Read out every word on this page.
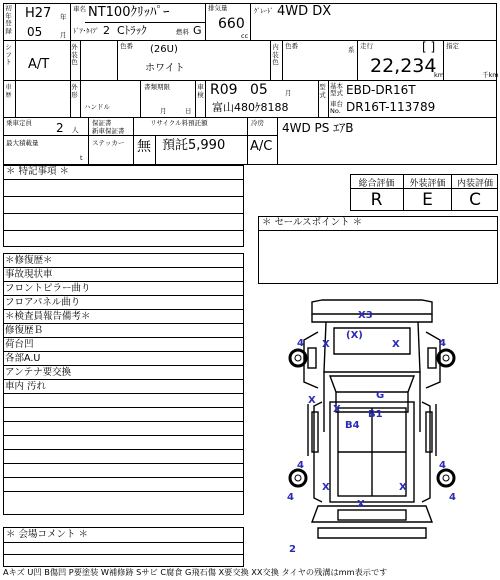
初年登録
H27 年
05	月
車名 NT100ｸﾘｯﾊﾟｰ
ﾄﾞｱ･ﾀｲﾌﾟ 2 Cﾄﾗｯｸ	燃料 G
排気量
660
cc
ｸﾞﾚｰﾄﾞ 4WD DX
シフト A/T
外装色
色番 (26U)
ホワイト
内装色
色番	系 走行	[ ]
22,234
km
指定
千km
車歴
外形
ハンドル
書類期限
月	日
車検 R09 05	月
富山480ｹ8188
型式
基本型式 EBD-DR16T
車台No. DR16T-113789
乗車定員 2 人
最大積載量
t
保証書
新車保証書
ステッカー 無
リサイクル料預託額
預託5,990
冷房
A/C
4WD PS ｴｱB
＊ 特記事項 ＊
＊修復歴＊
事故現状車
フロントピラー曲り
フロアパネル曲り
＊検査員報告備考＊
修復歴Ｂ
荷台凹
各部A.U
アンテナ要交換
車内 汚れ
＊ 会場コメント ＊
総合評価	外装評価	内装評価
R	E	C
＊ セールスポイント ＊
X3
(X)
X	X
4	4
G
X
X	B1
B4
4	4
X	X
4	4
X
2
Aキズ U凹 B傷凹 P要塗装 W補修跡 Sサビ C腐食 G飛石傷 X要交換 XX交換 タイヤの残溝はmm表示です
